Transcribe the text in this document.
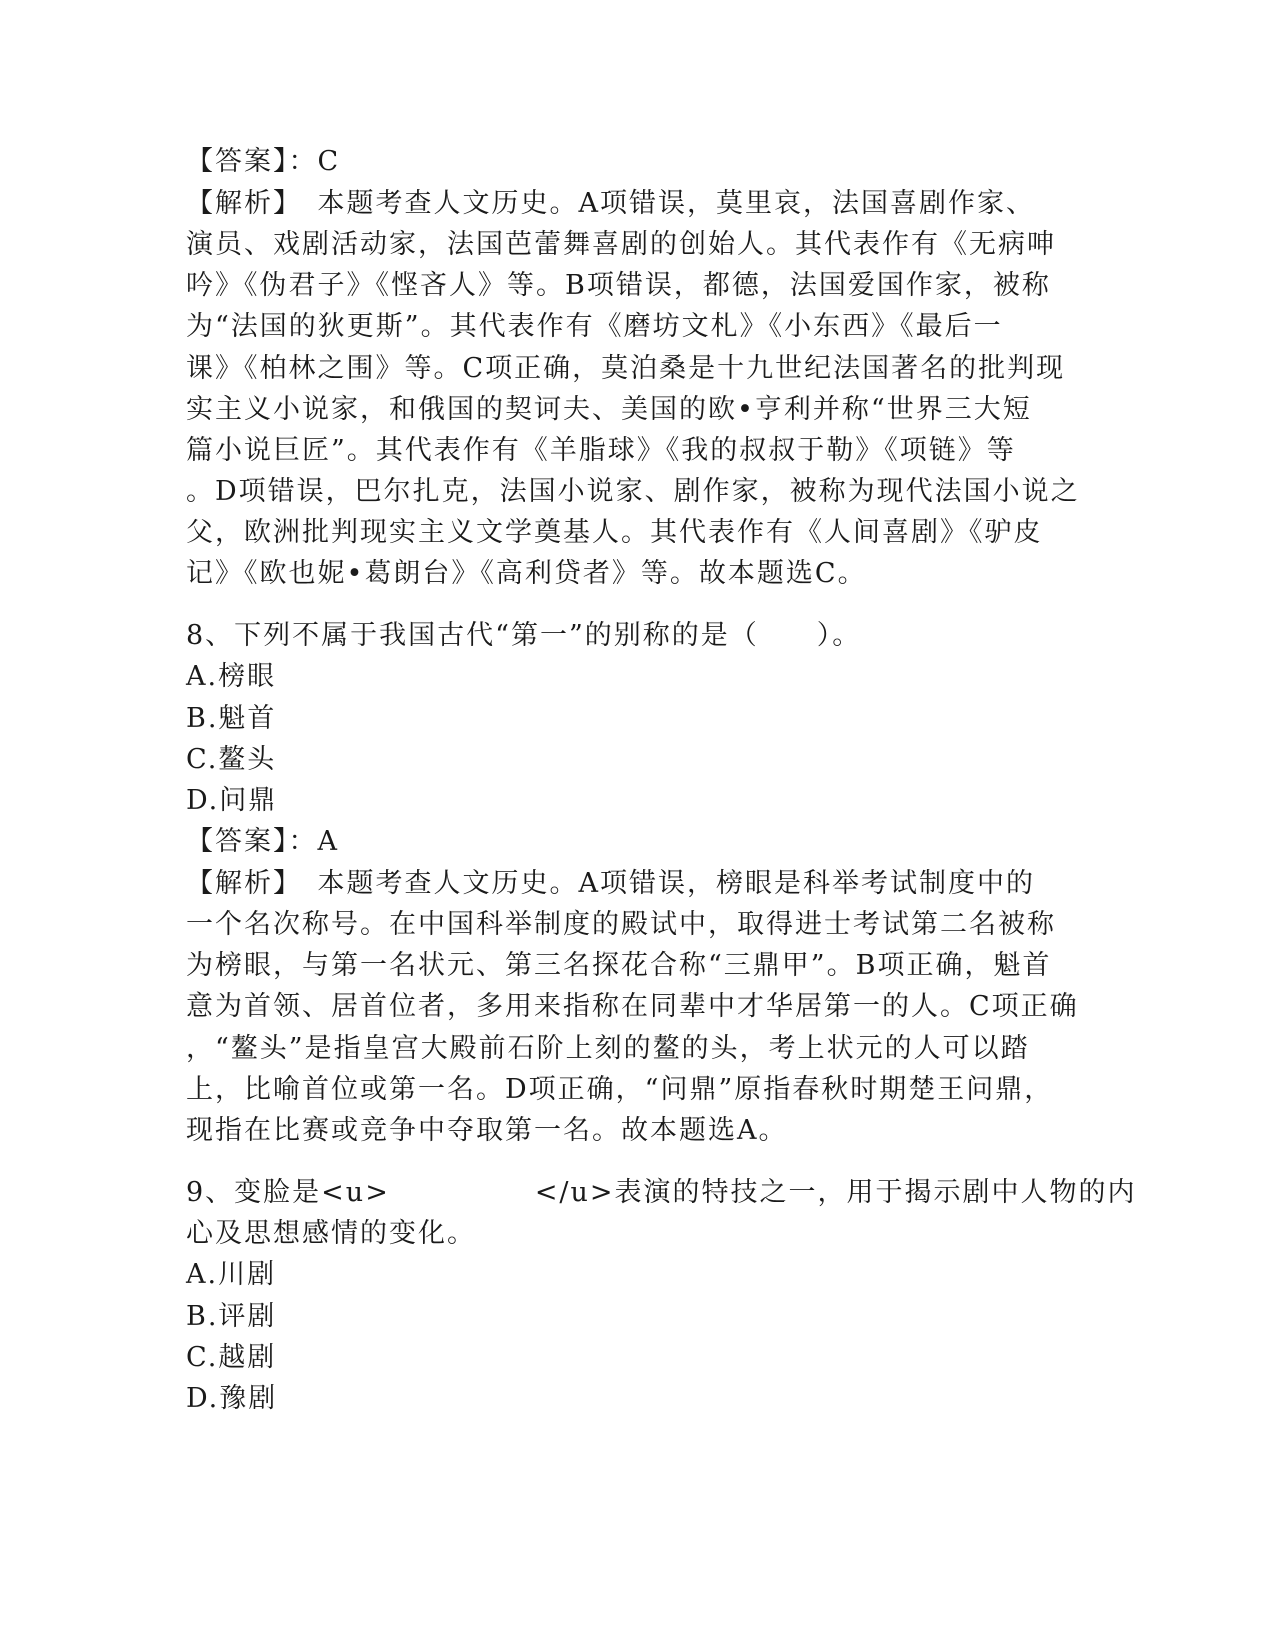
【答案】：C
【解析】　本题考查人文历史。A项错误，莫里哀，法国喜剧作家、
演员、戏剧活动家，法国芭蕾舞喜剧的创始人。其代表作有《无病呻
吟》《伪君子》《悭吝人》等。B项错误，都德，法国爱国作家，被称
为“法国的狄更斯”。其代表作有《磨坊文札》《小东西》《最后一
课》《柏林之围》等。C项正确，莫泊桑是十九世纪法国著名的批判现
实主义小说家，和俄国的契诃夫、美国的欧•亨利并称“世界三大短
篇小说巨匠”。其代表作有《羊脂球》《我的叔叔于勒》《项链》等
。D项错误，巴尔扎克，法国小说家、剧作家，被称为现代法国小说之
父，欧洲批判现实主义文学奠基人。其代表作有《人间喜剧》《驴皮
记》《欧也妮•葛朗台》《高利贷者》等。故本题选C。
8、下列不属于我国古代“第一”的别称的是（　　）。
A.榜眼
B.魁首
C.鳌头
D.问鼎
【答案】：A
【解析】　本题考查人文历史。A项错误，榜眼是科举考试制度中的
一个名次称号。在中国科举制度的殿试中，取得进士考试第二名被称
为榜眼，与第一名状元、第三名探花合称“三鼎甲”。B项正确，魁首
意为首领、居首位者，多用来指称在同辈中才华居第一的人。C项正确
，“鳌头”是指皇宫大殿前石阶上刻的鳌的头，考上状元的人可以踏
上，比喻首位或第一名。D项正确，“问鼎”原指春秋时期楚王问鼎，
现指在比赛或竞争中夺取第一名。故本题选A。
9、变脸是<u>　　　　　</u>表演的特技之一，用于揭示剧中人物的内
心及思想感情的变化。
A.川剧
B.评剧
C.越剧
D.豫剧
